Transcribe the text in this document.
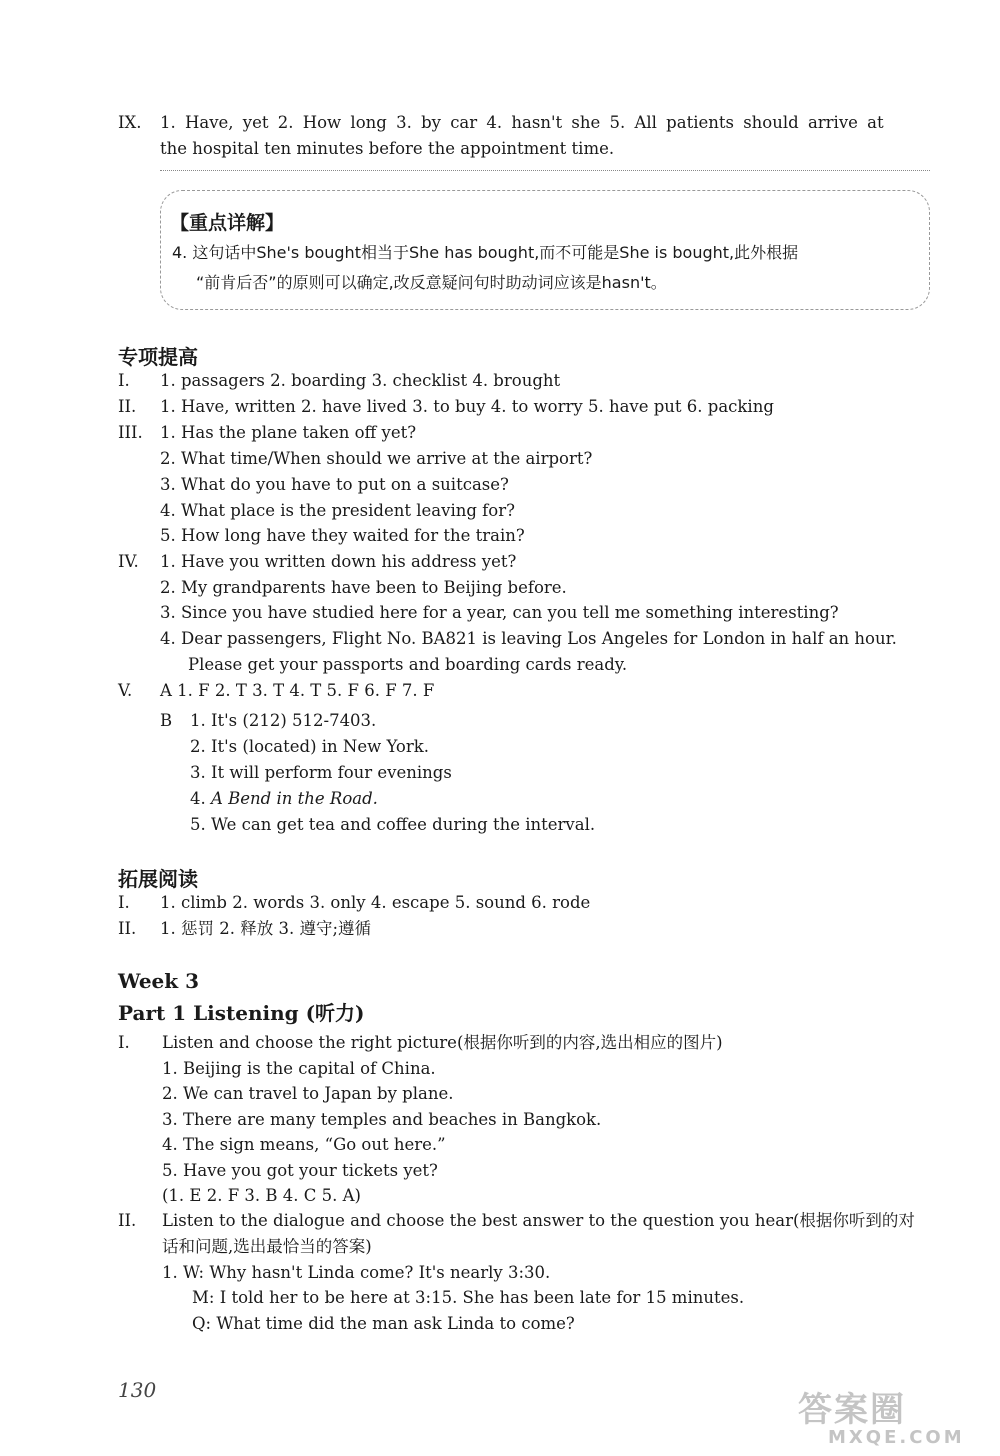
IX. 1. Have, yet 2. How long 3. by car 4. hasn't she 5. All patients should arrive at
the hospital ten minutes before the appointment time.
【重点详解】
4. 这句话中She's bought相当于She has bought,而不可能是She is bought,此外根据
“前肯后否”的原则可以确定,改反意疑问句时助动词应该是hasn't。
专项提高
I. 1. passagers 2. boarding 3. checklist 4. brought
II. 1. Have, written 2. have lived 3. to buy 4. to worry 5. have put 6. packing
III. 1. Has the plane taken off yet?
2. What time/When should we arrive at the airport?
3. What do you have to put on a suitcase?
4. What place is the president leaving for?
5. How long have they waited for the train?
IV. 1. Have you written down his address yet?
2. My grandparents have been to Beijing before.
3. Since you have studied here for a year, can you tell me something interesting?
4. Dear passengers, Flight No. BA821 is leaving Los Angeles for London in half an hour.
Please get your passports and boarding cards ready.
V. A 1. F 2. T 3. T 4. T 5. F 6. F 7. F
B 1. It's (212) 512-7403.
2. It's (located) in New York.
3. It will perform four evenings
4. A Bend in the Road.
5. We can get tea and coffee during the interval.
拓展阅读
I. 1. climb 2. words 3. only 4. escape 5. sound 6. rode
II. 1. 惩罚 2. 释放 3. 遵守;遵循
Week 3
Part 1 Listening (听力)
I. Listen and choose the right picture(根据你听到的内容,选出相应的图片)
1. Beijing is the capital of China.
2. We can travel to Japan by plane.
3. There are many temples and beaches in Bangkok.
4. The sign means, “Go out here.”
5. Have you got your tickets yet?
(1. E 2. F 3. B 4. C 5. A)
II. Listen to the dialogue and choose the best answer to the question you hear(根据你听到的对
话和问题,选出最恰当的答案)
1. W: Why hasn't Linda come? It's nearly 3:30.
M: I told her to be here at 3:15. She has been late for 15 minutes.
Q: What time did the man ask Linda to come?
130	答案圈
MXQE.COM
